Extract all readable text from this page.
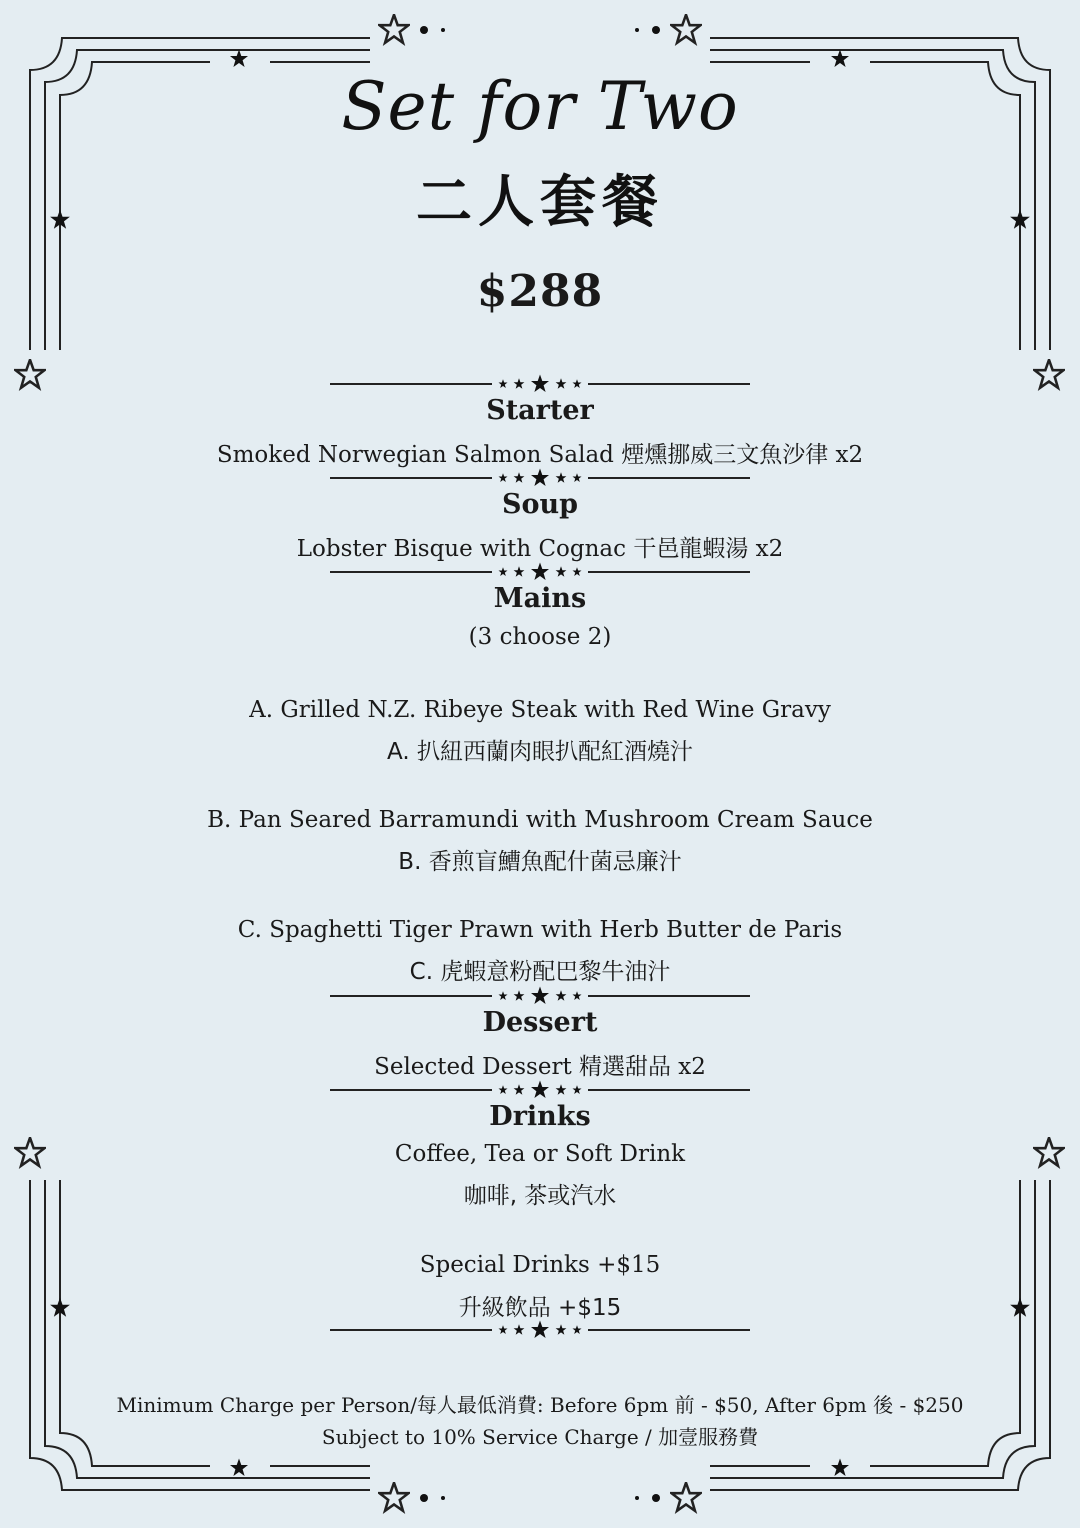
Set for Two
二人套餐
$288
Starter
Smoked Norwegian Salmon Salad 煙燻挪威三文魚沙律 x2
Soup
Lobster Bisque with Cognac 干邑龍蝦湯 x2
Mains
(3 choose 2)
A. Grilled N.Z. Ribeye Steak with Red Wine Gravy
A. 扒紐西蘭肉眼扒配紅酒燒汁
B. Pan Seared Barramundi with Mushroom Cream Sauce
B. 香煎盲鰽魚配什菌忌廉汁
C. Spaghetti Tiger Prawn with Herb Butter de Paris
C. 虎蝦意粉配巴黎牛油汁
Dessert
Selected Dessert 精選甜品 x2
Drinks
Coffee, Tea or Soft Drink
咖啡, 茶或汽水
Special Drinks +$15
升級飲品 +$15
Minimum Charge per Person/每人最低消費: Before 6pm 前 - $50, After 6pm 後 - $250
Subject to 10% Service Charge / 加壹服務費
